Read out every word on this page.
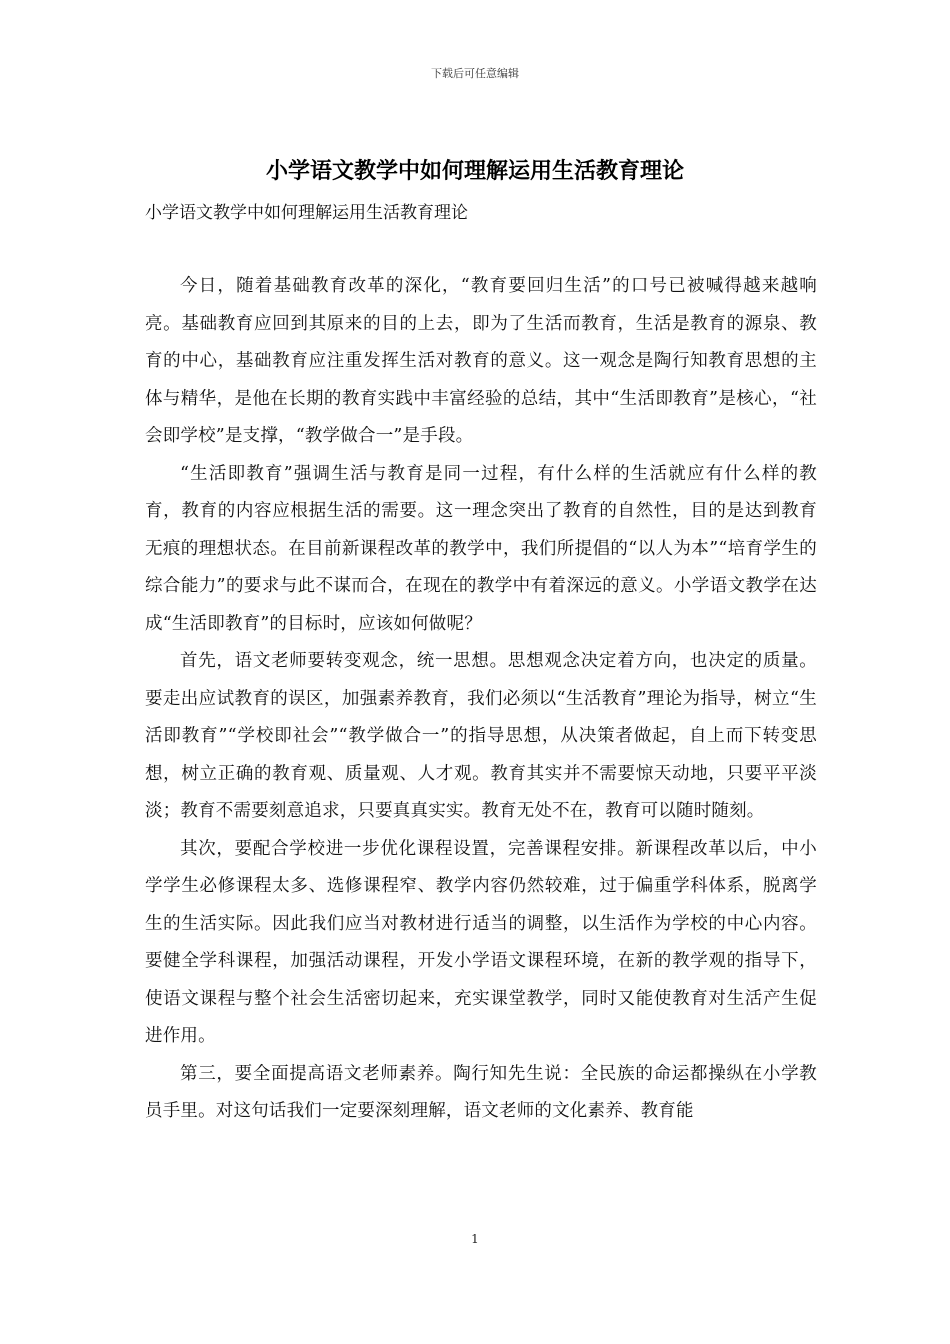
下载后可任意编辑
小学语文教学中如何理解运用生活教育理论

小学语文教学中如何理解运用生活教育理论

今日，随着基础教育改革的深化，“教育要回归生活”的口号已被喊得越来越响亮。基础教育应回到其原来的目的上去，即为了生活而教育，生活是教育的源泉、教育的中心，基础教育应注重发挥生活对教育的意义。这一观念是陶行知教育思想的主体与精华，是他在长期的教育实践中丰富经验的总结，其中“生活即教育”是核心，“社会即学校”是支撑，“教学做合一”是手段。

“生活即教育”强调生活与教育是同一过程，有什么样的生活就应有什么样的教育，教育的内容应根据生活的需要。这一理念突出了教育的自然性，目的是达到教育无痕的理想状态。在目前新课程改革的教学中，我们所提倡的“以人为本”“培育学生的综合能力”的要求与此不谋而合，在现在的教学中有着深远的意义。小学语文教学在达成“生活即教育”的目标时，应该如何做呢？

首先，语文老师要转变观念，统一思想。思想观念决定着方向，也决定的质量。要走出应试教育的误区，加强素养教育，我们必须以“生活教育”理论为指导，树立“生活即教育”“学校即社会”“教学做合一”的指导思想，从决策者做起，自上而下转变思想，树立正确的教育观、质量观、人才观。教育其实并不需要惊天动地，只要平平淡淡；教育不需要刻意追求，只要真真实实。教育无处不在，教育可以随时随刻。

其次，要配合学校进一步优化课程设置，完善课程安排。新课程改革以后，中小学学生必修课程太多、选修课程窄、教学内容仍然较难，过于偏重学科体系，脱离学生的生活实际。因此我们应当对教材进行适当的调整，以生活作为学校的中心内容。要健全学科课程，加强活动课程，开发小学语文课程环境，在新的教学观的指导下，使语文课程与整个社会生活密切起来，充实课堂教学，同时又能使教育对生活产生促进作用。

第三，要全面提高语文老师素养。陶行知先生说：全民族的命运都操纵在小学教员手里。对这句话我们一定要深刻理解，语文老师的文化素养、教育能

1
